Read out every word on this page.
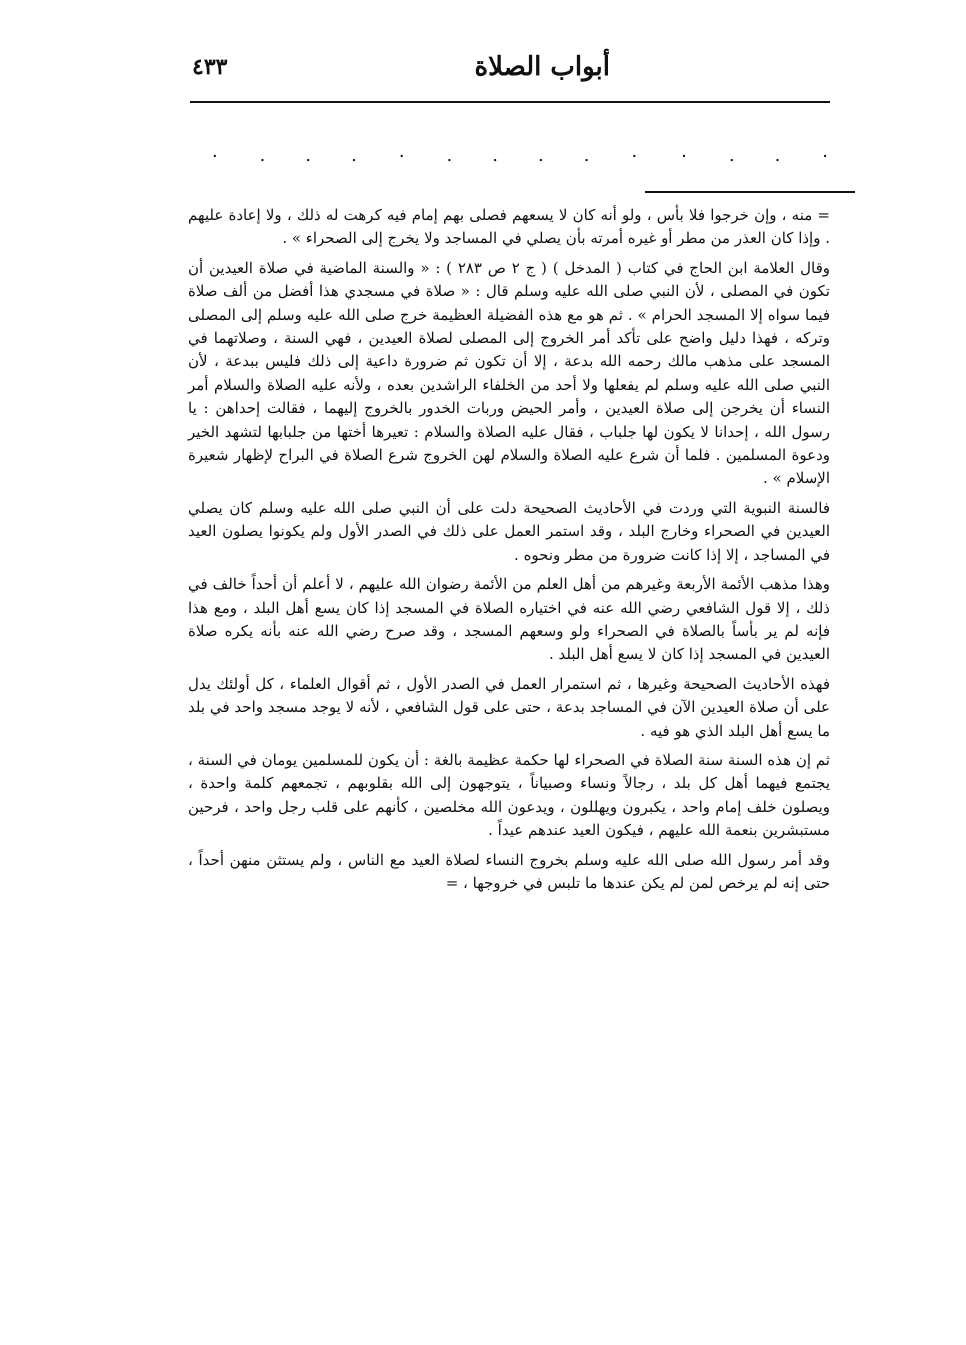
أبواب الصلاة
٤٣٣
٠ . . . ٠ . . . . ٠ ٠ . . ٠

= منه ، وإن خرجوا فلا بأس ، ولو أنه كان لا يسعهم فصلى بهم إمام فيه كرهت له ذلك ، ولا إعادة عليهم . وإذا كان العذر من مطر أو غيره أمرته بأن يصلي في المساجد ولا يخرج إلى الصحراء » .

وقال العلامة ابن الحاج في كتاب ( المدخل ) ( ج ٢ ص ٢٨٣ ) : « والسنة الماضية في صلاة العيدين أن تكون في المصلى ، لأن النبي صلى الله عليه وسلم قال : « صلاة في مسجدي هذا أفضل من ألف صلاة فيما سواه إلا المسجد الحرام » . ثم هو مع هذه الفضيلة العظيمة خرج صلى الله عليه وسلم إلى المصلى وتركه ، فهذا دليل واضح على تأكد أمر الخروج إلى المصلى لصلاة العيدين ، فهي السنة ، وصلاتهما في المسجد على مذهب مالك رحمه الله بدعة ، إلا أن تكون ثم ضرورة داعية إلى ذلك فليس ببدعة ، لأن النبي صلى الله عليه وسلم لم يفعلها ولا أحد من الخلفاء الراشدين بعده ، ولأنه عليه الصلاة والسلام أمر النساء أن يخرجن إلى صلاة العيدين ، وأمر الحيض وربات الخدور بالخروج إليهما ، فقالت إحداهن : يا رسول الله ، إحدانا لا يكون لها جلباب ، فقال عليه الصلاة والسلام : تعيرها أختها من جلبابها لتشهد الخير ودعوة المسلمين . فلما أن شرع عليه الصلاة والسلام لهن الخروج شرع الصلاة في البراح لإظهار شعيرة الإسلام » .

فالسنة النبوية التي وردت في الأحاديث الصحيحة دلت على أن النبي صلى الله عليه وسلم كان يصلي العيدين في الصحراء وخارج البلد ، وقد استمر العمل على ذلك في الصدر الأول ولم يكونوا يصلون العيد في المساجد ، إلا إذا كانت ضرورة من مطر ونحوه .

وهذا مذهب الأئمة الأربعة وغيرهم من أهل العلم من الأئمة رضوان الله عليهم ، لا أعلم أن أحداً خالف في ذلك ، إلا قول الشافعي رضي الله عنه في اختياره الصلاة في المسجد إذا كان يسع أهل البلد ، ومع هذا فإنه لم ير بأساً بالصلاة في الصحراء ولو وسعهم المسجد ، وقد صرح رضي الله عنه بأنه يكره صلاة العيدين في المسجد إذا كان لا يسع أهل البلد .

فهذه الأحاديث الصحيحة وغيرها ، ثم استمرار العمل في الصدر الأول ، ثم أقوال العلماء ، كل أولئك يدل على أن صلاة العيدين الآن في المساجد بدعة ، حتى على قول الشافعي ، لأنه لا يوجد مسجد واحد في بلد ما يسع أهل البلد الذي هو فيه .

ثم إن هذه السنة سنة الصلاة في الصحراء لها حكمة عظيمة بالغة : أن يكون للمسلمين يومان في السنة ، يجتمع فيهما أهل كل بلد ، رجالاً ونساء وصبياناً ، يتوجهون إلى الله بقلوبهم ، تجمعهم كلمة واحدة ، ويصلون خلف إمام واحد ، يكبرون ويهللون ، ويدعون الله مخلصين ، كأنهم على قلب رجل واحد ، فرحين مستبشرين بنعمة الله عليهم ، فيكون العيد عندهم عيداً .

وقد أمر رسول الله صلى الله عليه وسلم بخروج النساء لصلاة العيد مع الناس ، ولم يستثن منهن أحداً ، حتى إنه لم يرخص لمن لم يكن عندها ما تلبس في خروجها ، =
